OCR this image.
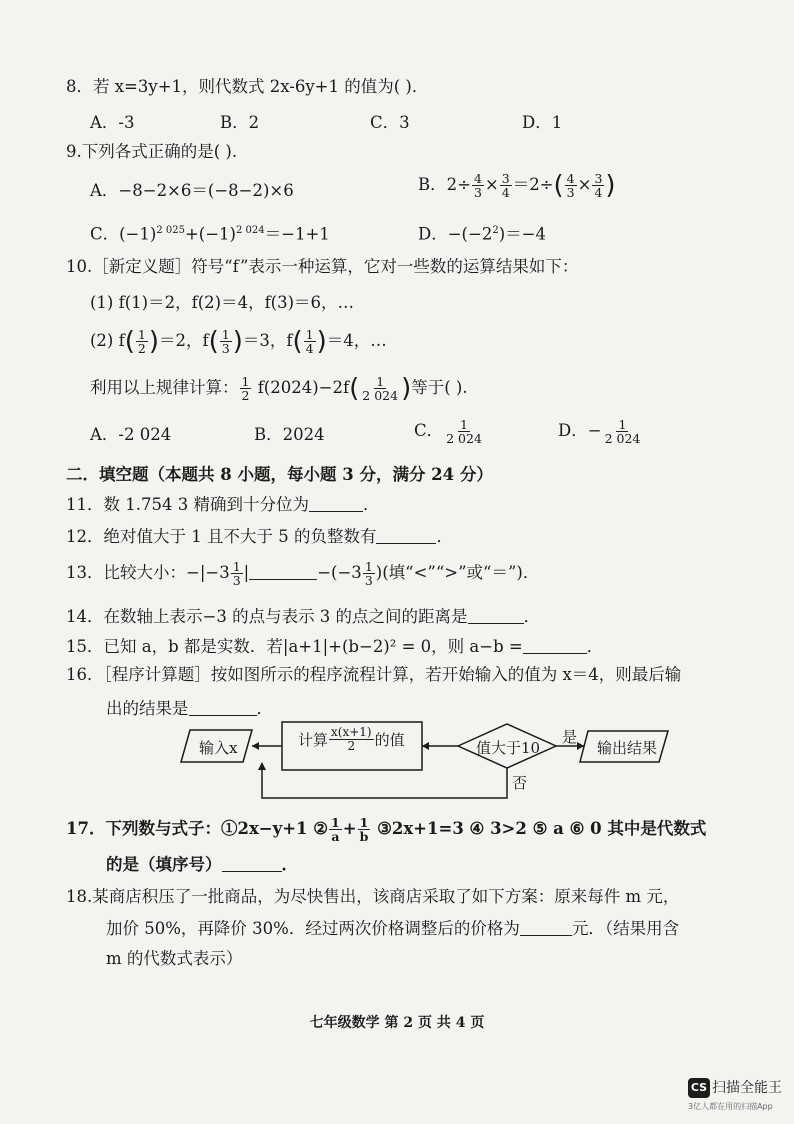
8．若 x=3y+1，则代数式 2x-6y+1 的值为( )．
A．-3	B．2	C．3	D．1
9.下列各式正确的是( ).
A．−8−2×6＝(−8−2)×6	B．$2\div \frac{4}{3} \times \frac{3}{4} =2\div( \frac{4}{3} \times \frac{3}{4}$ )
C．$(-1)^{2 025}+(-1)^{2 024}=-1+1$	D．$-(-2^2)=-4$
10.［新定义题］符号“f”表示一种运算，它对一些数的运算结果如下：
(1) f(1)＝2，f(2)＝4，f(3)＝6，…
(2) $f( \frac{1}{2} )=2$，$f( \frac{1}{3} )=3$，$f( \frac{1}{4} )=4$，…
利用以上规律计算： $\frac{1}{2} f(2024)-2f( \frac{1}{2 024}$ )等于( ).
A．-2 024	B．2024	C． $\frac{1}{2 024}$	D．− $\frac{1}{2 024}$
二．填空题（本题共 8 小题，每小题 3 分，满分 24 分）
11．数 1.754 3 精确到十分位为	．
12．绝对值大于 1 且不大于 5 的负整数有	．
13．比较大小：$-|-3 \frac{1}{3}$ |	$-(-3 \frac{1}{3}$ )(填“<”“>”或“＝”)．
14．在数轴上表示−3 的点与表示 3 的点之间的距离是	．
15．已知 a，b 都是实数．若|a+1|+(b−2)² = 0，则 a−b =	．
16．［程序计算题］按如图所示的程序流程计算，若开始输入的值为 x＝4，则最后输
出的结果是	．
输入x	计算 $\frac{x(x+1)}{2}$ 的值	值大于10
是
否
输出结果
17．下列数与式子：①2x−y+1 ② $\frac{1}{a} + \frac{1}{b}$ ③2x+1=3 ④ 3>2 ⑤ a ⑥ 0 其中是代数式
的是（填序号）	．
18.某商店积压了一批商品，为尽快售出，该商店采取了如下方案：原来每件 m 元，
加价 50%，再降价 30%．经过两次价格调整后的价格为	元．（结果用含
m 的代数式表示）
七年级数学 第 2 页 共 4 页
CS 扫描全能王
3亿人都在用的扫描App
